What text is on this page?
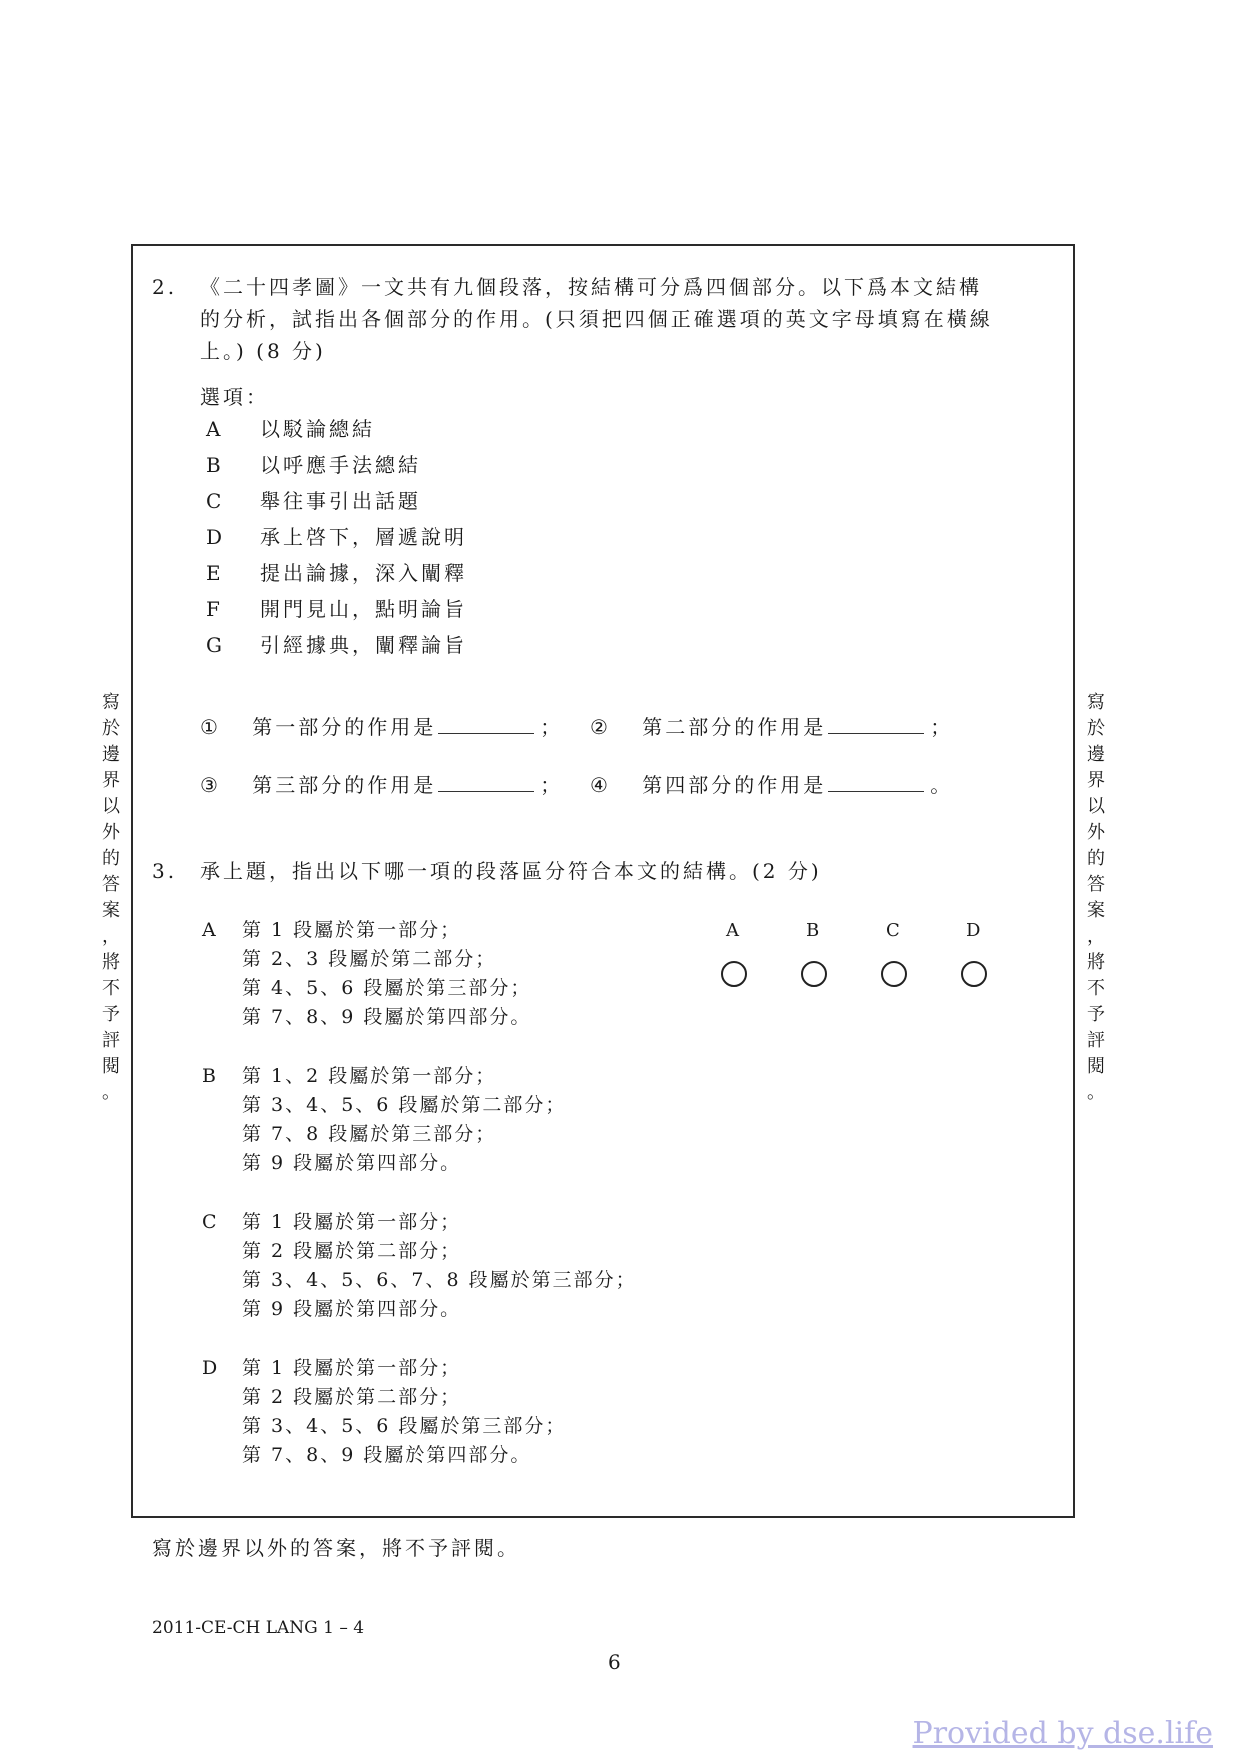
寫
於
邊
界
以
外
的
答
案
，
將
不
予
評
閱
。
寫
於
邊
界
以
外
的
答
案
，
將
不
予
評
閱
。
2. 《二十四孝圖》一文共有九個段落，按結構可分爲四個部分。以下爲本文結構
的分析，試指出各個部分的作用。(只須把四個正確選項的英文字母填寫在橫線
上。) (8 分)
選項：
A 以駁論總結
B 以呼應手法總結
C 舉往事引出話題
D 承上啓下，層遞說明
E 提出論據，深入闡釋
F 開門見山，點明論旨
G 引經據典，闡釋論旨
① 第一部分的作用是	； ② 第二部分的作用是	；
③ 第三部分的作用是	； ④ 第四部分的作用是	。
3. 承上題，指出以下哪一項的段落區分符合本文的結構。(2 分)
A 第 1 段屬於第一部分；
第 2、3 段屬於第二部分；
第 4、5、6 段屬於第三部分；
第 7、8、9 段屬於第四部分。
B 第 1、2 段屬於第一部分；
第 3、4、5、6 段屬於第二部分；
第 7、8 段屬於第三部分；
第 9 段屬於第四部分。
C 第 1 段屬於第一部分；
第 2 段屬於第二部分；
第 3、4、5、6、7、8 段屬於第三部分；
第 9 段屬於第四部分。
D 第 1 段屬於第一部分；
第 2 段屬於第二部分；
第 3、4、5、6 段屬於第三部分；
第 7、8、9 段屬於第四部分。
A	B	C	D
寫於邊界以外的答案，將不予評閱。
2011-CE-CH LANG 1 – 4
6
Provided by dse.life
